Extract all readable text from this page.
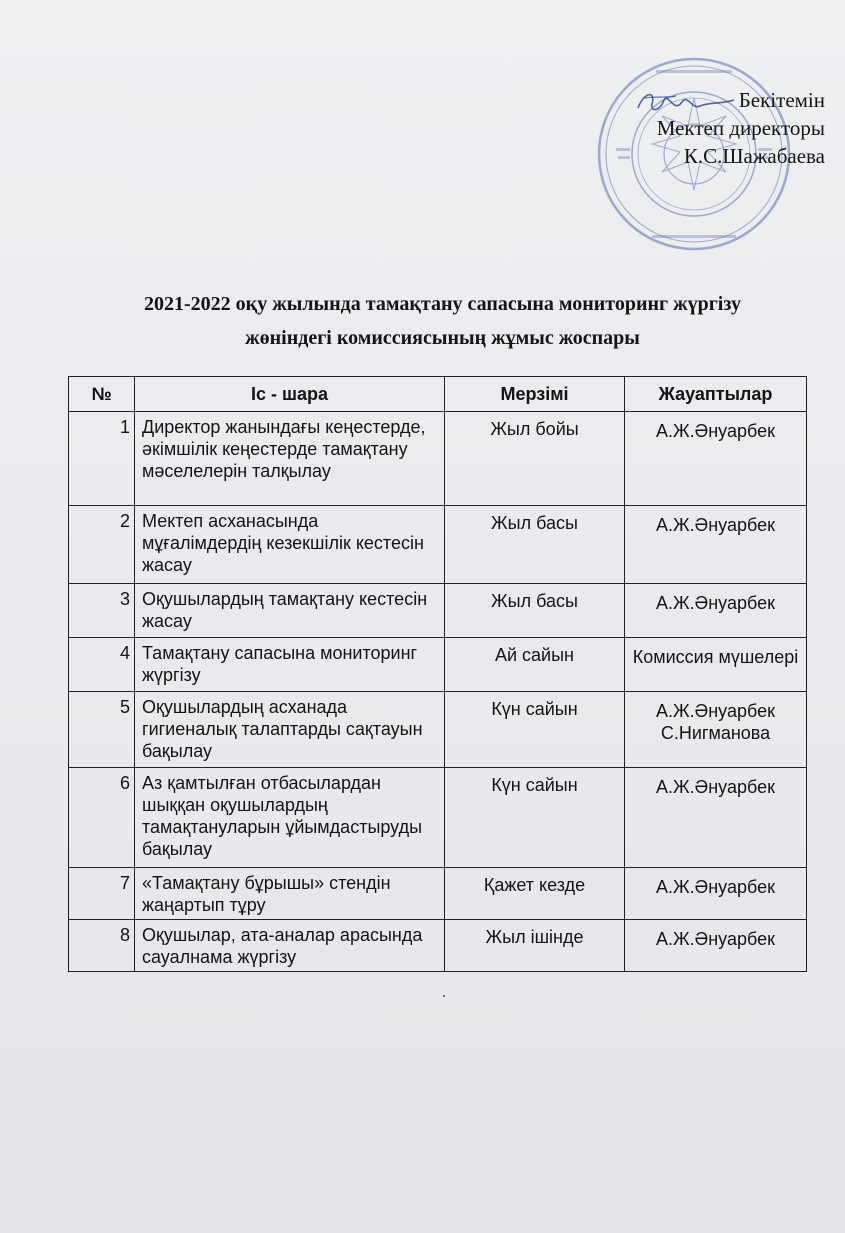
Бекітемін
Мектеп директоры
К.С.Шажабаева
2021-2022 оқу жылында тамақтану сапасына мониторинг жүргізу
жөніндегі комиссиясының жұмыс жоспары
№	Іс - шара	Мерзімі	Жауаптылар
1	Директор жанындағы кеңестерде, әкімшілік кеңестерде тамақтану мәселелерін талқылау	Жыл бойы	А.Ж.Әнуарбек
2	Мектеп асханасында мұғалімдердің кезекшілік кестесін жасау	Жыл басы	А.Ж.Әнуарбек
3	Оқушылардың тамақтану кестесін жасау	Жыл басы	А.Ж.Әнуарбек
4	Тамақтану сапасына мониторинг жүргізу	Ай сайын	Комиссия мүшелері
5	Оқушылардың асханада гигиеналық талаптарды сақтауын бақылау	Күн сайын	А.Ж.Әнуарбек С.Нигманова
6	Аз қамтылған отбасылардан шыққан оқушылардың тамақтануларын ұйымдастыруды бақылау	Күн сайын	А.Ж.Әнуарбек
7	«Тамақтану бұрышы» стендін жаңартып тұру	Қажет кезде	А.Ж.Әнуарбек
8	Оқушылар, ата-аналар арасында сауалнама жүргізу	Жыл ішінде	А.Ж.Әнуарбек
